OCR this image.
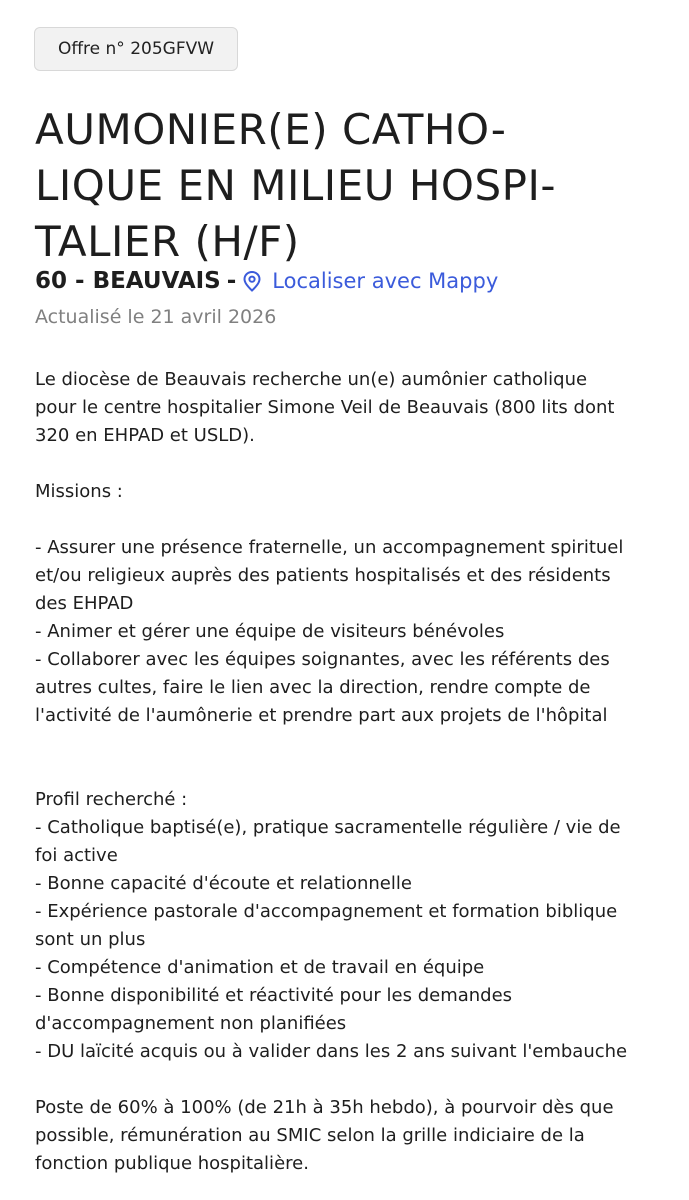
Offre n° 205GFVW
AUMONIER(E) CATHO-
LIQUE EN MILIEU HOSPI-
TALIER (H/F)
60 - BEAUVAIS - Localiser avec Mappy
Actualisé le 21 avril 2026

Le diocèse de Beauvais recherche un(e) aumônier catholique

pour le centre hospitalier Simone Veil de Beauvais (800 lits dont

320 en EHPAD et USLD).

Missions :

- Assurer une présence fraternelle, un accompagnement spirituel

et/ou religieux auprès des patients hospitalisés et des résidents

des EHPAD

- Animer et gérer une équipe de visiteurs bénévoles

- Collaborer avec les équipes soignantes, avec les référents des

autres cultes, faire le lien avec la direction, rendre compte de

l'activité de l'aumônerie et prendre part aux projets de l'hôpital

Profil recherché :

- Catholique baptisé(e), pratique sacramentelle régulière / vie de

foi active

- Bonne capacité d'écoute et relationnelle

- Expérience pastorale d'accompagnement et formation biblique

sont un plus

- Compétence d'animation et de travail en équipe

- Bonne disponibilité et réactivité pour les demandes

d'accompagnement non planifiées

- DU laïcité acquis ou à valider dans les 2 ans suivant l'embauche

Poste de 60% à 100% (de 21h à 35h hebdo), à pourvoir dès que

possible, rémunération au SMIC selon la grille indiciaire de la

fonction publique hospitalière.
